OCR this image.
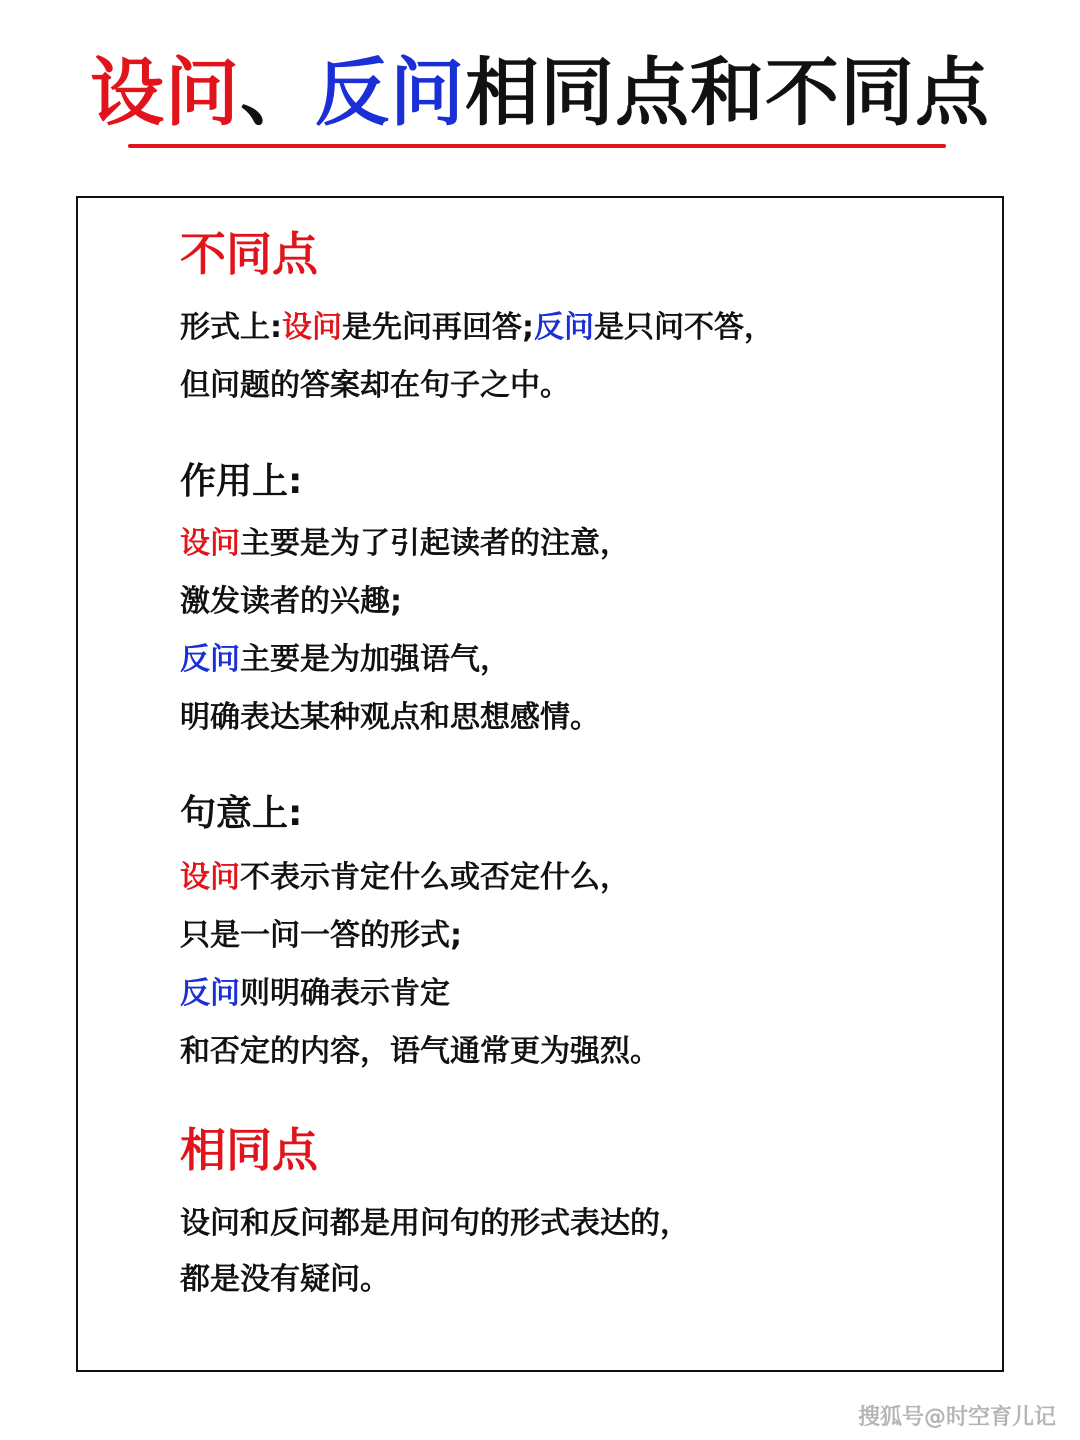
设问、反问相同点和不同点
不同点
形式上:设问是先问再回答;反问是只问不答，
但问题的答案却在句子之中。
作用上:
设问主要是为了引起读者的注意，
激发读者的兴趣;
反问主要是为加强语气，
明确表达某种观点和思想感情。
句意上:
设问不表示肯定什么或否定什么，
只是一问一答的形式;
反问则明确表示肯定
和否定的内容，语气通常更为强烈。
相同点
设问和反问都是用问句的形式表达的，
都是没有疑问。
搜狐号@时空育儿记
